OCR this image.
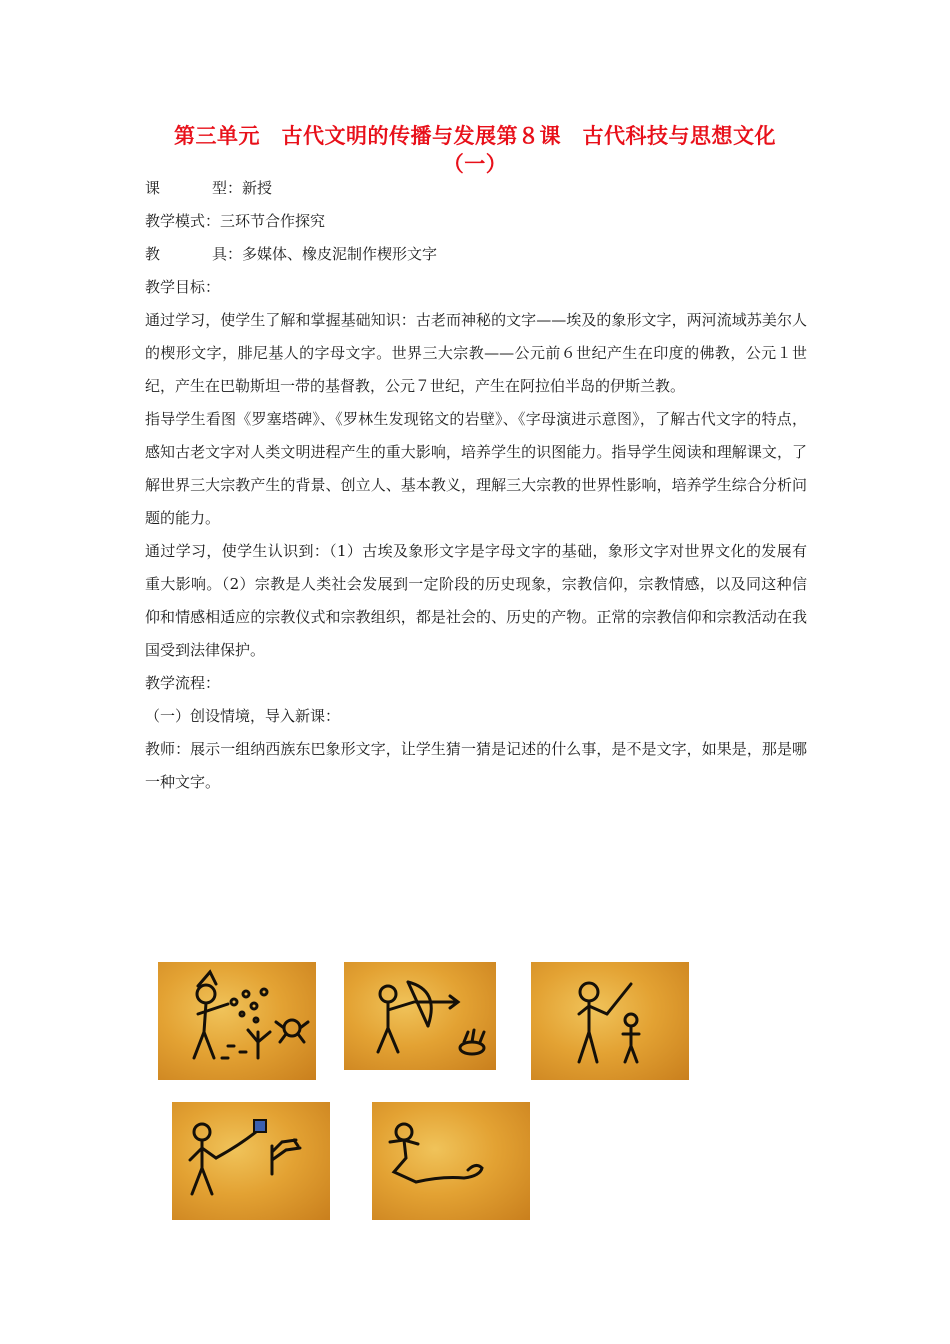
第三单元　古代文明的传播与发展第８课　古代科技与思想文化
（一）

课	型 ： 新授

教学模式： 三环节合作探究

教	具 ： 多媒体、橡皮泥制作楔形文字

教学目标：

通过学习，使学生了解和掌握基础知识：古老而神秘的文字——埃及的象形文字，两河流域苏美尔人的楔形文字，腓尼基人的字母文字。世界三大宗教——公元前６世纪产生在印度的佛教，公元１世纪，产生在巴勒斯坦一带的基督教，公元７世纪，产生在阿拉伯半岛的伊斯兰教。

指导学生看图《罗塞塔碑》、《罗林生发现铭文的岩壁》、《字母演进示意图》，了解古代文字的特点，感知古老文字对人类文明进程产生的重大影响，培养学生的识图能力。指导学生阅读和理解课文，了解世界三大宗教产生的背景、创立人、基本教义，理解三大宗教的世界性影响，培养学生综合分析问题的能力。

通过学习，使学生认识到：（1）古埃及象形文字是字母文字的基础，象形文字对世界文化的发展有重大影响。（2）宗教是人类社会发展到一定阶段的历史现象，宗教信仰，宗教情感，以及同这种信仰和情感相适应的宗教仪式和宗教组织，都是社会的、历史的产物。正常的宗教信仰和宗教活动在我国受到法律保护。

教学流程：

（一）创设情境，导入新课：

教师：展示一组纳西族东巴象形文字，让学生猜一猜是记述的什么事，是不是文字，如果是，那是哪一种文字。
